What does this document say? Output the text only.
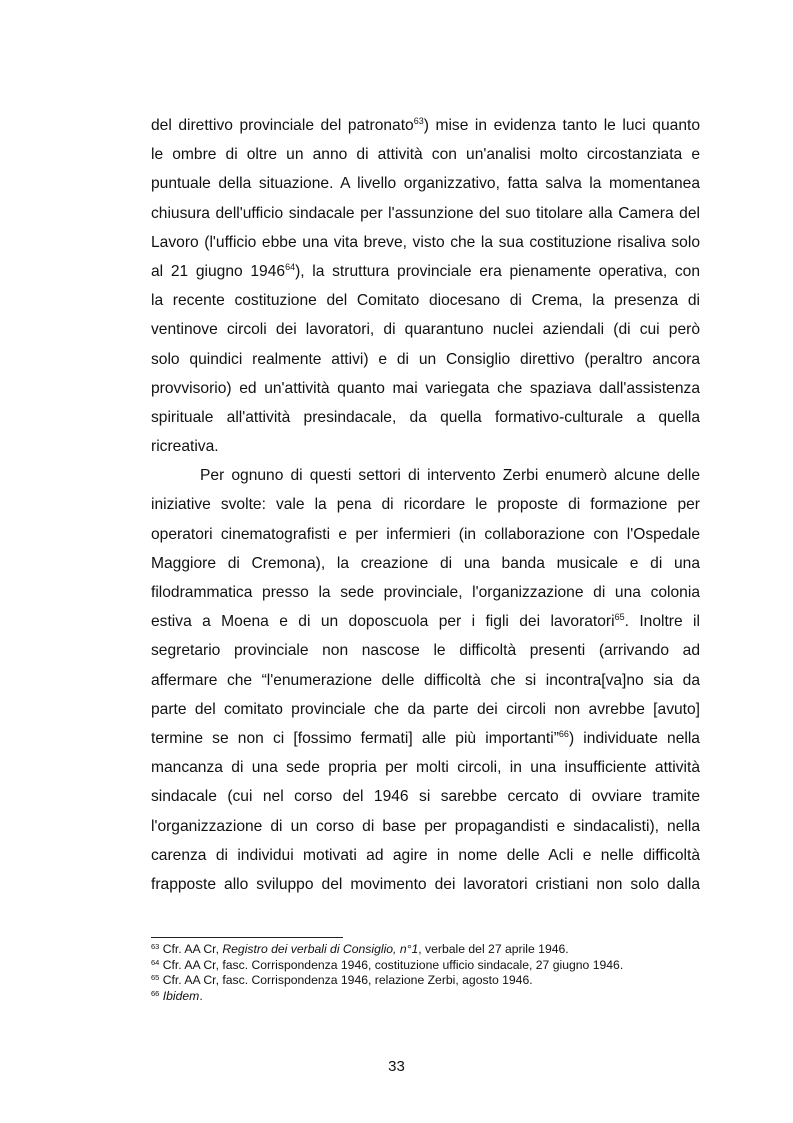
del direttivo provinciale del patronato$^{63}$) mise in evidenza tanto le luci quanto
le ombre di oltre un anno di attività con un'analisi molto circostanziata e
puntuale della situazione. A livello organizzativo, fatta salva la momentanea
chiusura dell'ufficio sindacale per l'assunzione del suo titolare alla Camera del
Lavoro (l'ufficio ebbe una vita breve, visto che la sua costituzione risaliva solo
al 21 giugno 1946$^{64}$), la struttura provinciale era pienamente operativa, con
la recente costituzione del Comitato diocesano di Crema, la presenza di
ventinove circoli dei lavoratori, di quarantuno nuclei aziendali (di cui però
solo quindici realmente attivi) e di un Consiglio direttivo (peraltro ancora
provvisorio) ed un'attività quanto mai variegata che spaziava dall'assistenza
spirituale all'attività presindacale, da quella formativo-culturale a quella
ricreativa.
Per ognuno di questi settori di intervento Zerbi enumerò alcune delle
iniziative svolte: vale la pena di ricordare le proposte di formazione per
operatori cinematografisti e per infermieri (in collaborazione con l'Ospedale
Maggiore di Cremona), la creazione di una banda musicale e di una
filodrammatica presso la sede provinciale, l'organizzazione di una colonia
estiva a Moena e di un doposcuola per i figli dei lavoratori$^{65}$. Inoltre il
segretario provinciale non nascose le difficoltà presenti (arrivando ad
affermare che “l'enumerazione delle difficoltà che si incontra[va]no sia da
parte del comitato provinciale che da parte dei circoli non avrebbe [avuto]
termine se non ci [fossimo fermati] alle più importanti”$^{66}$) individuate nella
mancanza di una sede propria per molti circoli, in una insufficiente attività
sindacale (cui nel corso del 1946 si sarebbe cercato di ovviare tramite
l'organizzazione di un corso di base per propagandisti e sindacalisti), nella
carenza di individui motivati ad agire in nome delle Acli e nelle difficoltà
frapposte allo sviluppo del movimento dei lavoratori cristiani non solo dalla
$^{63}$ Cfr. AA Cr, Registro dei verbali di Consiglio, n°1, verbale del 27 aprile 1946.
$^{64}$ Cfr. AA Cr, fasc. Corrispondenza 1946, costituzione ufficio sindacale, 27 giugno 1946.
$^{65}$ Cfr. AA Cr, fasc. Corrispondenza 1946, relazione Zerbi, agosto 1946.
$^{66}$ Ibidem.
33
